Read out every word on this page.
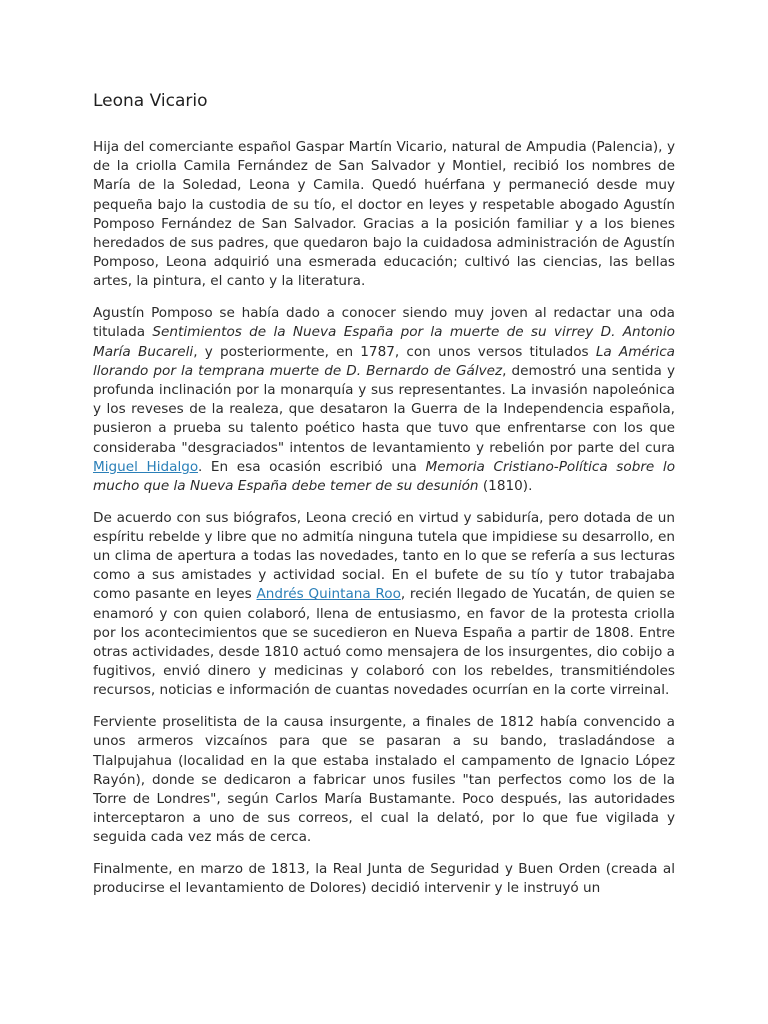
Leona Vicario

Hija del comerciante español Gaspar Martín Vicario, natural de Ampudia (Palencia), y de la criolla Camila Fernández de San Salvador y Montiel, recibió los nombres de María de la Soledad, Leona y Camila. Quedó huérfana y permaneció desde muy pequeña bajo la custodia de su tío, el doctor en leyes y respetable abogado Agustín Pomposo Fernández de San Salvador. Gracias a la posición familiar y a los bienes heredados de sus padres, que quedaron bajo la cuidadosa administración de Agustín Pomposo, Leona adquirió una esmerada educación; cultivó las ciencias, las bellas artes, la pintura, el canto y la literatura.

Agustín Pomposo se había dado a conocer siendo muy joven al redactar una oda titulada Sentimientos de la Nueva España por la muerte de su virrey D. Antonio María Bucareli, y posteriormente, en 1787, con unos versos titulados La América llorando por la temprana muerte de D. Bernardo de Gálvez, demostró una sentida y profunda inclinación por la monarquía y sus representantes. La invasión napoleónica y los reveses de la realeza, que desataron la Guerra de la Independencia española, pusieron a prueba su talento poético hasta que tuvo que enfrentarse con los que consideraba "desgraciados" intentos de levantamiento y rebelión por parte del cura Miguel Hidalgo. En esa ocasión escribió una Memoria Cristiano-Política sobre lo mucho que la Nueva España debe temer de su desunión (1810).

De acuerdo con sus biógrafos, Leona creció en virtud y sabiduría, pero dotada de un espíritu rebelde y libre que no admitía ninguna tutela que impidiese su desarrollo, en un clima de apertura a todas las novedades, tanto en lo que se refería a sus lecturas como a sus amistades y actividad social. En el bufete de su tío y tutor trabajaba como pasante en leyes Andrés Quintana Roo, recién llegado de Yucatán, de quien se enamoró y con quien colaboró, llena de entusiasmo, en favor de la protesta criolla por los acontecimientos que se sucedieron en Nueva España a partir de 1808. Entre otras actividades, desde 1810 actuó como mensajera de los insurgentes, dio cobijo a fugitivos, envió dinero y medicinas y colaboró con los rebeldes, transmitiéndoles recursos, noticias e información de cuantas novedades ocurrían en la corte virreinal.

Ferviente proselitista de la causa insurgente, a finales de 1812 había convencido a unos armeros vizcaínos para que se pasaran a su bando, trasladándose a Tlalpujahua (localidad en la que estaba instalado el campamento de Ignacio López Rayón), donde se dedicaron a fabricar unos fusiles "tan perfectos como los de la Torre de Londres", según Carlos María Bustamante. Poco después, las autoridades interceptaron a uno de sus correos, el cual la delató, por lo que fue vigilada y seguida cada vez más de cerca.

Finalmente, en marzo de 1813, la Real Junta de Seguridad y Buen Orden (creada al producirse el levantamiento de Dolores) decidió intervenir y le instruyó un
